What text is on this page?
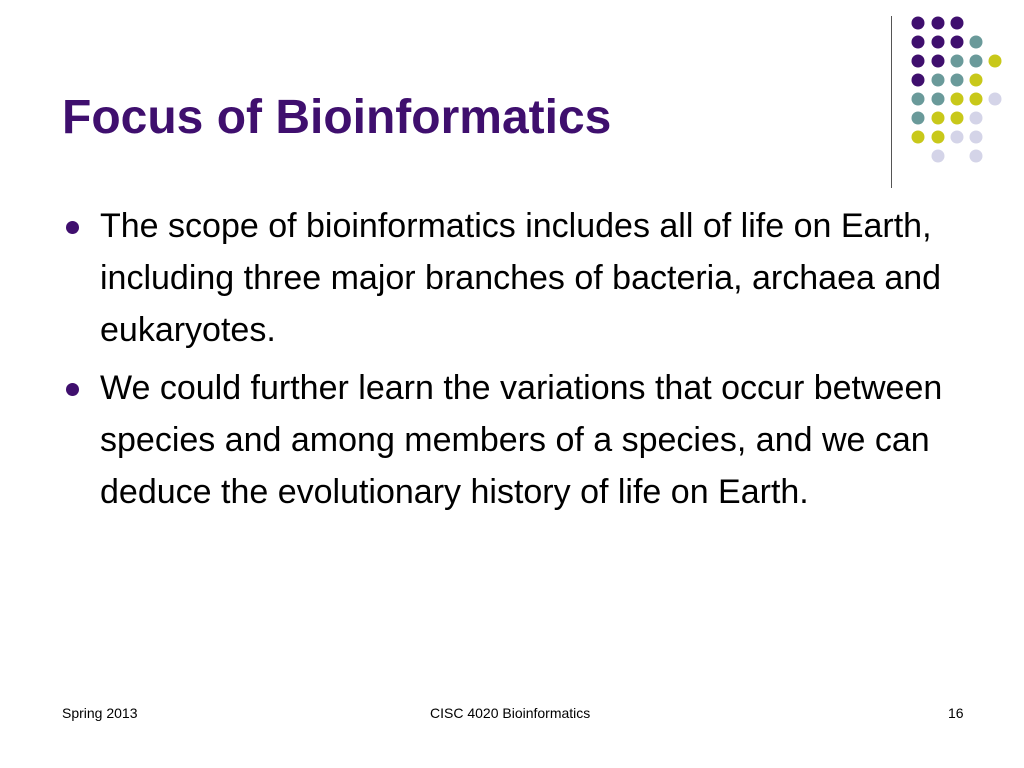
Focus of Bioinformatics
The scope of bioinformatics includes all of life on Earth, including three major branches of bacteria, archaea and eukaryotes.
We could further learn the variations that occur between species and among members of a species, and we can deduce the evolutionary history of life on Earth.
Spring 2013	CISC 4020 Bioinformatics	16
